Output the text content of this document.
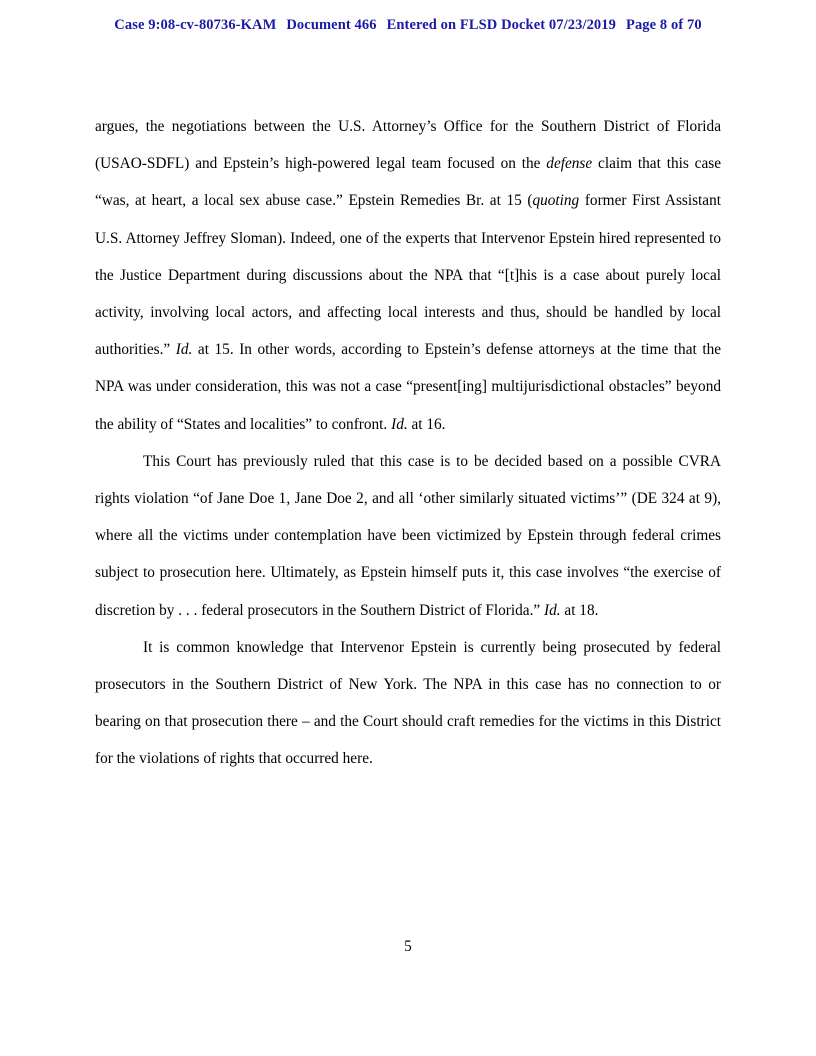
Case 9:08-cv-80736-KAM Document 466 Entered on FLSD Docket 07/23/2019 Page 8 of 70

argues, the negotiations between the U.S. Attorney’s Office for the Southern District of Florida (USAO-SDFL) and Epstein’s high-powered legal team focused on the defense claim that this case “was, at heart, a local sex abuse case.” Epstein Remedies Br. at 15 (quoting former First Assistant U.S. Attorney Jeffrey Sloman). Indeed, one of the experts that Intervenor Epstein hired represented to the Justice Department during discussions about the NPA that “[t]his is a case about purely local activity, involving local actors, and affecting local interests and thus, should be handled by local authorities.” Id. at 15. In other words, according to Epstein’s defense attorneys at the time that the NPA was under consideration, this was not a case “present[ing] multijurisdictional obstacles” beyond the ability of “States and localities” to confront. Id. at 16.

This Court has previously ruled that this case is to be decided based on a possible CVRA rights violation “of Jane Doe 1, Jane Doe 2, and all ‘other similarly situated victims’” (DE 324 at 9), where all the victims under contemplation have been victimized by Epstein through federal crimes subject to prosecution here. Ultimately, as Epstein himself puts it, this case involves “the exercise of discretion by . . . federal prosecutors in the Southern District of Florida.” Id. at 18.

It is common knowledge that Intervenor Epstein is currently being prosecuted by federal prosecutors in the Southern District of New York. The NPA in this case has no connection to or bearing on that prosecution there – and the Court should craft remedies for the victims in this District for the violations of rights that occurred here.

5
